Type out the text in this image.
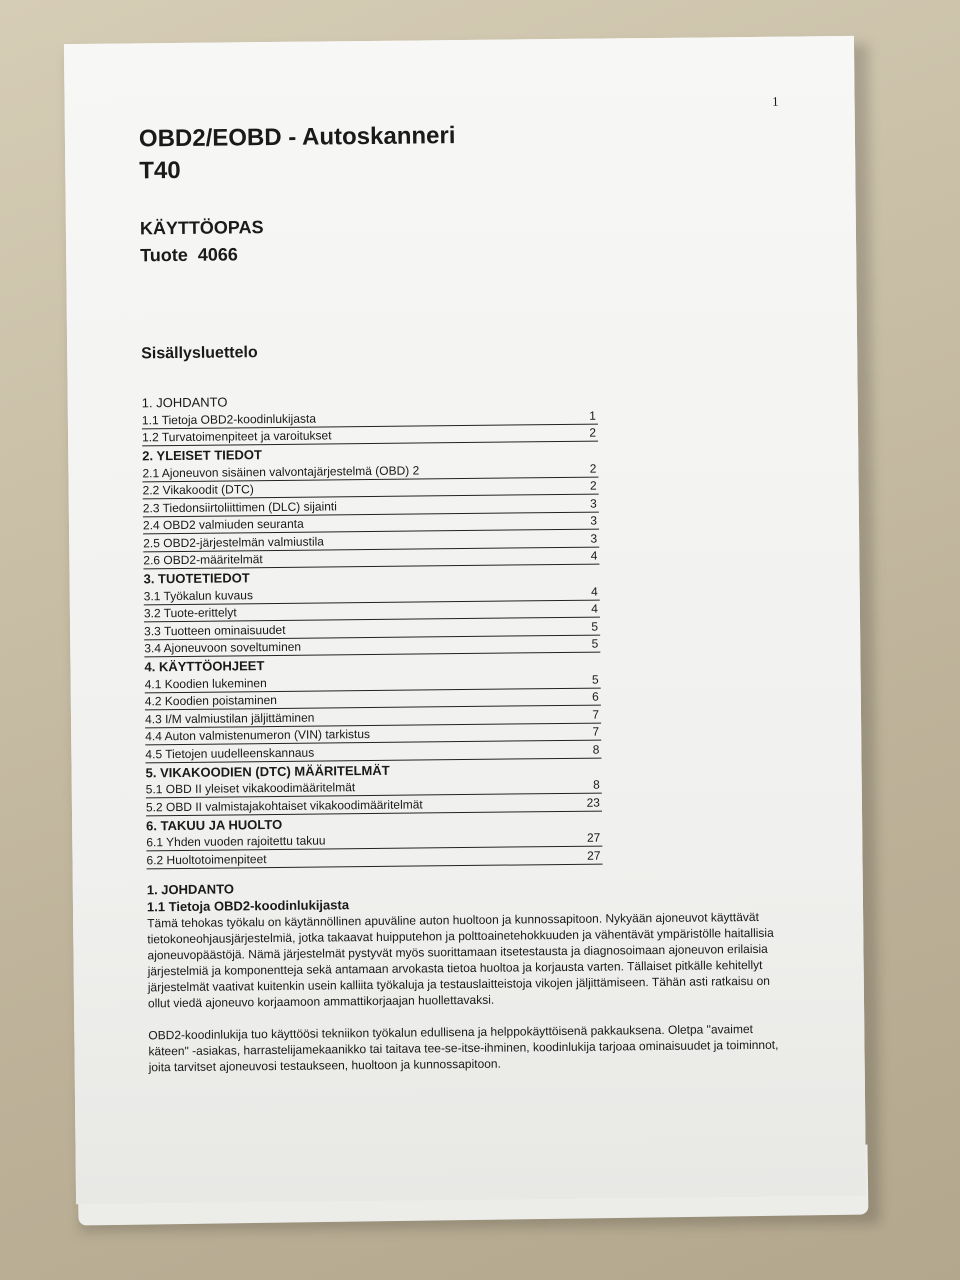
1
OBD2/EOBD - Autoskanneri
T40
KÄYTTÖOPAS
Tuote  4066
Sisällysluettelo
1. JOHDANTO
1.1 Tietoja OBD2-koodinlukijasta	1
1.2 Turvatoimenpiteet ja varoitukset	2
2. YLEISET TIEDOT
2.1 Ajoneuvon sisäinen valvontajärjestelmä (OBD) 2	2
2.2 Vikakoodit (DTC)	2
2.3 Tiedonsiirtoliittimen (DLC) sijainti	3
2.4 OBD2 valmiuden seuranta	3
2.5 OBD2-järjestelmän valmiustila	3
2.6 OBD2-määritelmät	4
3. TUOTETIEDOT
3.1 Työkalun kuvaus	4
3.2 Tuote-erittelyt	4
3.3 Tuotteen ominaisuudet	5
3.4 Ajoneuvoon soveltuminen	5
4. KÄYTTÖOHJEET
4.1 Koodien lukeminen	5
4.2 Koodien poistaminen	6
4.3 I/M valmiustilan jäljittäminen	7
4.4 Auton valmistenumeron (VIN) tarkistus	7
4.5 Tietojen uudelleenskannaus	8
5. VIKAKOODIEN (DTC) MÄÄRITELMÄT
5.1 OBD II yleiset vikakoodimääritelmät	8
5.2 OBD II valmistajakohtaiset vikakoodimääritelmät	23
6. TAKUU JA HUOLTO
6.1 Yhden vuoden rajoitettu takuu	27
6.2 Huoltotoimenpiteet	27
1. JOHDANTO
1.1 Tietoja OBD2-koodinlukijasta

Tämä tehokas työkalu on käytännöllinen apuväline auton huoltoon ja kunnossapitoon. Nykyään ajoneuvot käyttävät tietokoneohjausjärjestelmiä, jotka takaavat huipputehon ja polttoainetehokkuuden ja vähentävät ympäristölle haitallisia ajoneuvopäästöjä. Nämä järjestelmät pystyvät myös suorittamaan itsetestausta ja diagnosoimaan ajoneuvon erilaisia järjestelmiä ja komponentteja sekä antamaan arvokasta tietoa huoltoa ja korjausta varten. Tällaiset pitkälle kehitellyt järjestelmät vaativat kuitenkin usein kalliita työkaluja ja testauslaitteistoja vikojen jäljittämiseen. Tähän asti ratkaisu on ollut viedä ajoneuvo korjaamoon ammattikorjaajan huollettavaksi.

OBD2-koodinlukija tuo käyttöösi tekniikon työkalun edullisena ja helppokäyttöisenä pakkauksena. Oletpa "avaimet käteen" -asiakas, harrastelijamekaanikko tai taitava tee-se-itse-ihminen, koodinlukija tarjoaa ominaisuudet ja toiminnot, joita tarvitset ajoneuvosi testaukseen, huoltoon ja kunnossapitoon.
